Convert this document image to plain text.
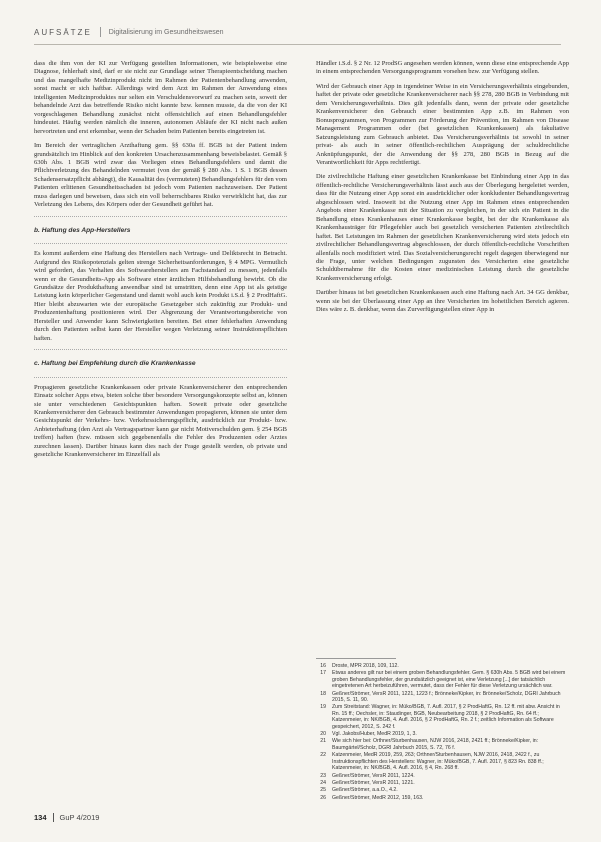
AUFSÄTZE Digitalisierung im Gesundheitswesen

dass die ihm von der KI zur Verfügung gestellten Informationen, wie beispielsweise eine Diagnose, fehlerhaft sind, darf er sie nicht zur Grundlage seiner Therapieentscheidung machen und das mangelhafte Medizinprodukt nicht im Rahmen der Patientenbehandlung anwenden, sonst macht er sich haftbar. Allerdings wird dem Arzt im Rahmen der Anwendung eines intelligenten Medizinproduktes nur selten ein Verschuldensvorwurf zu machen sein, soweit der behandelnde Arzt das betreffende Risiko nicht kannte bzw. kennen musste, da die von der KI vorgeschlagenen Behandlung zunächst nicht offensichtlich auf einen Behandlungsfehler hindeutet. Häufig werden nämlich die inneren, autonomen Abläufe der KI nicht nach außen hervortreten und erst erkennbar, wenn der Schaden beim Patienten bereits eingetreten ist.

Im Bereich der vertraglichen Arzthaftung gem. §§ 630a ff. BGB ist der Patient indem grundsätzlich im Hinblick auf den konkreten Ursachenzusammenhang beweisbelastet. Gemäß § 630h Abs. 1 BGB wird zwar das Vorliegen eines Behandlungsfehlers und damit die Pflichtverletzung des Behandelnden vermutet (von der gemäß § 280 Abs. 1 S. 1 BGB dessen Schadensersatzpflicht abhängt), die Kausalität des (vermuteten) Behandlungsfehlers für den vom Patienten erlittenen Gesundheitsschaden ist jedoch vom Patienten nachzuweisen. Der Patient muss darlegen und beweisen, dass sich ein voll beherrschbares Risiko verwirklicht hat, das zur Verletzung des Lebens, des Körpers oder der Gesundheit geführt hat.

b. Haftung des App-Herstellers

Es kommt außerdem eine Haftung des Herstellers nach Vertrags- und Deliktsrecht in Betracht. Aufgrund des Risikopotenzials gelten strenge Sicherheitsanforderungen, § 4 MPG. Vermutlich wird gefordert, das Verhalten des Softwareherstellers am Fachstandard zu messen, jedenfalls wenn er die Gesundheits-App als Software einer ärztlichen Hilfsbehandlung bewirbt. Ob die Grundsätze der Produkthaftung anwendbar sind ist umstritten, denn eine App ist als geistige Leistung kein körperlicher Gegenstand und damit wohl auch kein Produkt i.S.d. § 2 ProdHaftG. Hier bleibt abzuwarten wie der europäische Gesetzgeber sich zukünftig zur Produkt- und Produzentenhaftung positionieren wird. Der Abgrenzung der Verantwortungsbereiche von Hersteller und Anwender kann Schwierigkeiten bereiten. Bei einer fehlerhaften Anwendung durch den Patienten selbst kann der Hersteller wegen Verletzung seiner Instruktionspflichten haften.

c. Haftung bei Empfehlung durch die Krankenkasse

Propagieren gesetzliche Krankenkassen oder private Krankenversicherer den entsprechenden Einsatz solcher Apps etwa, bieten solche über besondere Versorgungskonzepte selbst an, können sie unter verschiedenen Gesichtspunkten haften. Soweit private oder gesetzliche Krankenversicherer den Gebrauch bestimmter Anwendungen propagieren, können sie unter dem Gesichtspunkt der Verkehrs- bzw. Verkehrssicherungspflicht, ausdrücklich zur Produkt- bzw. Anbieterhaftung (den Arzt als Vertragspartner kann gar nicht Motiverschulden gem. § 254 BGB treffen) haften (bzw. müssen sich gegebenenfalls die Fehler des Produzenten oder Arztes zurechnen lassen). Darüber hinaus kann dies nach der Frage gestellt werden, ob private und gesetzliche Krankenversicherer im Einzelfall als

Händler i.S.d. § 2 Nr. 12 ProdSG angesehen werden können, wenn diese eine entsprechende App in einem entsprechenden Versorgungsprogramm vorsehen bzw. zur Verfügung stellen.

Wird der Gebrauch einer App in irgendeiner Weise in ein Versicherungsverhältnis eingebunden, haftet der private oder gesetzliche Krankenversicherer nach §§ 278, 280 BGB in Verbindung mit dem Versicherungsverhältnis. Dies gilt jedenfalls dann, wenn der private oder gesetzliche Krankenversicherer den Gebrauch einer bestimmten App z.B. im Rahmen von Bonusprogrammen, von Programmen zur Förderung der Prävention, im Rahmen von Disease Management Programmen oder (bei gesetzlichen Krankenkassen) als fakultative Satzungsleistung zum Gebrauch anbietet. Das Versicherungsverhältnis ist sowohl in seiner privat- als auch in seiner öffentlich-rechtlichen Ausprägung der schuldrechtliche Anknüpfungspunkt, der die Anwendung der §§ 278, 280 BGB in Bezug auf die Verantwortlichkeit für Apps rechtfertigt.

Die zivilrechtliche Haftung einer gesetzlichen Krankenkasse bei Einbindung einer App in das öffentlich-rechtliche Versicherungsverhältnis lässt auch aus der Überlegung hergeleitet werden, dass für die Nutzung einer App sonst ein ausdrücklicher oder konkludenter Behandlungsvertrag abgeschlossen wird. Insoweit ist die Nutzung einer App im Rahmen eines entsprechenden Angebots einer Krankenkasse mit der Situation zu vergleichen, in der sich ein Patient in die Behandlung eines Krankenhauses einer Krankenkasse begibt, bei der die Krankenkasse als Krankenhausträger für Pflegefehler auch bei gesetzlich versicherten Patienten zivilrechtlich haftet. Bei Leistungen im Rahmen der gesetzlichen Krankenversicherung wird stets jedoch ein zivilrechtlicher Behandlungsvertrag abgeschlossen, der durch öffentlich-rechtliche Vorschriften allenfalls noch modifiziert wird. Das Sozialversicherungsrecht regelt dagegen überwiegend nur die Frage, unter welchen Bedingungen zugunsten des Versicherten eine gesetzliche Schuldübernahme für die Kosten einer medizinischen Leistung durch die gesetzliche Krankenversicherung erfolgt.

Darüber hinaus ist bei gesetzlichen Krankenkassen auch eine Haftung nach Art. 34 GG denkbar, wenn sie bei der Überlassung einer App an ihre Versicherten im hoheitlichen Bereich agieren. Dies wäre z. B. denkbar, wenn das Zurverfügungstellen einer App in

16 Droste, MPR 2018, 109, 112.
17 Etwas anderes gilt nur bei einem groben Behandlungsfehler. Gem. § 630h Abs. 5 BGB wird bei einem groben Behandlungsfehler, der grundsätzlich geeignet ist, eine Verletzung [...] der tatsächlich eingetretenen Art herbeizuführen, vermutet, dass der Fehler für diese Verletzung ursächlich war.
18 Geßner/Strömer, VersR 2011, 1221, 1223 f.; Brönneke/Kipker, in: Brönneke/Scholz, DGRI Jahrbuch 2015, S. 11, 90.
19 Zum Streitstand: Wagner, in: Müko/BGB, 7. Aufl. 2017, § 2 ProdHaftG, Rn. 12 ff. mit abw. Ansicht in Rn. 15 ff.; Oechsler, in: Staudinger, BGB, Neubearbeitung 2018, § 2 ProdHaftG, Rn. 64 ff.; Katzenmeier, in: NK/BGB, 4. Aufl. 2016, § 2 ProdHaftG, Rn. 2 f.; zeitlich Information als Software gespeichert, 2012, S. 242 f.
20 Vgl. Jakobs/Huber, MedR 2019, 1, 3.
21 Wie sich hier bei: Orthner/Sturbenhausen, NJW 2016, 2418, 2421 ff.; Brönneke/Kipker, in: Baumgärtel/Scholz, DGRI Jahrbuch 2015, S. 72, 76 f.
22 Katzenmeier, MedR 2019, 259, 263; Orthner/Sturbenhausen, NJW 2016, 2418, 2422 f., zu Instruktionspflichten des Herstellers: Wagner, in: Müko/BGB, 7. Aufl. 2017, § 823 Rn. 838 ff.; Katzenmeier, in: NK/BGB, 4. Aufl. 2016, § 4, Rn. 268 ff.
23 Geßner/Strömer, VersR 2011, 1224.
24 Geßner/Strömer, VersR 2011, 1221.
25 Geßner/Strömer, a.a.O., 4.2.
26 Geßner/Strömer, MedR 2012, 159, 163.
134 GuP 4/2019
